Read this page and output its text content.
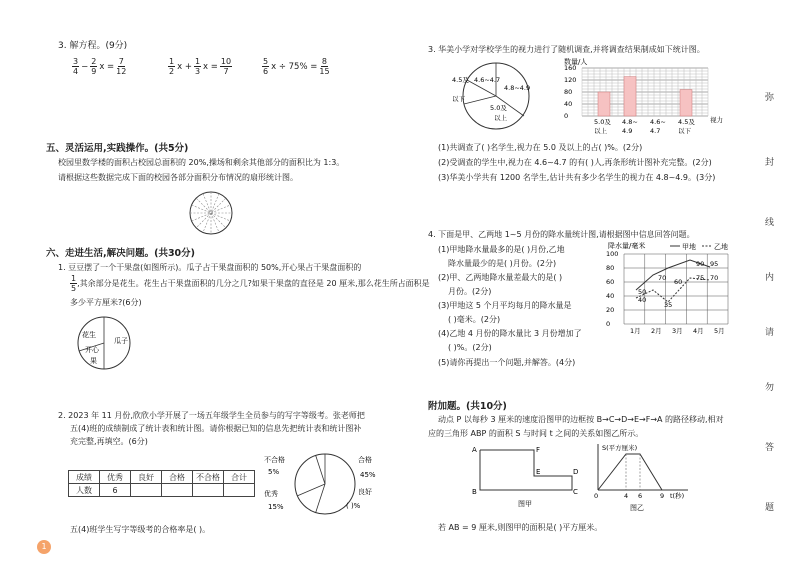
3. 解方程。(9分)
$\frac{3}{4} - \frac{2}{9}$ $x = \frac{7}{12}$	$\frac{1}{2}$ $x + \frac{1}{3}$ $x = \frac{10}{7}$	$\frac{5}{6}$ $x \div 75\% = \frac{8}{15}$
五、灵活运用,实践操作。(共5分)
校园里数学楼的面积占校园总面积的 20%,操场和剩余其他部分的面积比为 1:3。
请根据这些数据完成下面的校园各部分面积分布情况的扇形统计图。
六、走进生活,解决问题。(共30分)
1. 豆豆摆了一个干果盘(如图所示)。瓜子占干果盘面积的 50%,开心果占干果盘面积的
$\frac{1}{5}$ ,其余部分是花生。花生占干果盘面积的几分之几?如果干果盘的直径是 20 厘米,那么花生所占面积是
多少平方厘米?(6分)
花生
瓜子
开心
果
2. 2023 年 11 月份,欣欣小学开展了一场五年级学生全员参与的写字等级考。张老师把
五(4)班的成绩制成了统计表和统计图。请你根据已知的信息先把统计表和统计图补
充完整,再填空。(6分)
成绩	优秀	良好	合格	不合格	合计
人数	6				
不合格
5%
合格
45%
优秀
15%
良好
( )%
五(4)班学生写字等级考的合格率是( )。
1
3. 华美小学对学校学生的视力进行了随机调查,并将调查结果制成如下统计图。
4.5及
以下
4.6~4.7
4.8~4.9
5.0及
以上
数量/人
160
120
80
40
0
5.0及
以上
4.8~
4.9
4.6~
4.7
4.5及
以下
视力
(1)共调查了( )名学生,视力在 5.0 及以上的占( )%。(2分)
(2)受调查的学生中,视力在 4.6~4.7 的有( )人,再条形统计图补充完整。(2分)
(3)华美小学共有 1200 名学生,估计共有多少名学生的视力在 4.8~4.9。(3分)
4. 下面是甲、乙两地 1~5 月份的降水量统计图,请根据图中信息回答问题。
(1)甲地降水量最多的是( )月份,乙地
降水量最少的是( )月份。(2分)
(2)甲、乙两地降水量差最大的是( )
月份。(2分)
(3)甲地这 5 个月平均每月的降水量是
( )毫米。(2分)
(4)乙地 4 月份的降水量比 3 月份增加了
( )%。(2分)
(5)请你再提出一个问题,并解答。(4分)
降水量/毫米	甲地	乙地
100
80
60
40
20
0
1月 2月 3月 4月 5月
90 95
70 60 75 70
50
40
35
附加题。(共10分)
动点 P 以每秒 3 厘米的速度沿图甲的边框按 B→C→D→E→F→A 的路径移动,相对
应的三角形 ABP 的面积 S 与时间 t 之间的关系如图乙所示。
A
B	C
D
E
F
图甲
S(平方厘米)
0	4 6	9 t(秒)
图乙
若 AB = 9 厘米,则图甲的面积是( )平方厘米。
弥
封
线
内
请
勿
答
题
